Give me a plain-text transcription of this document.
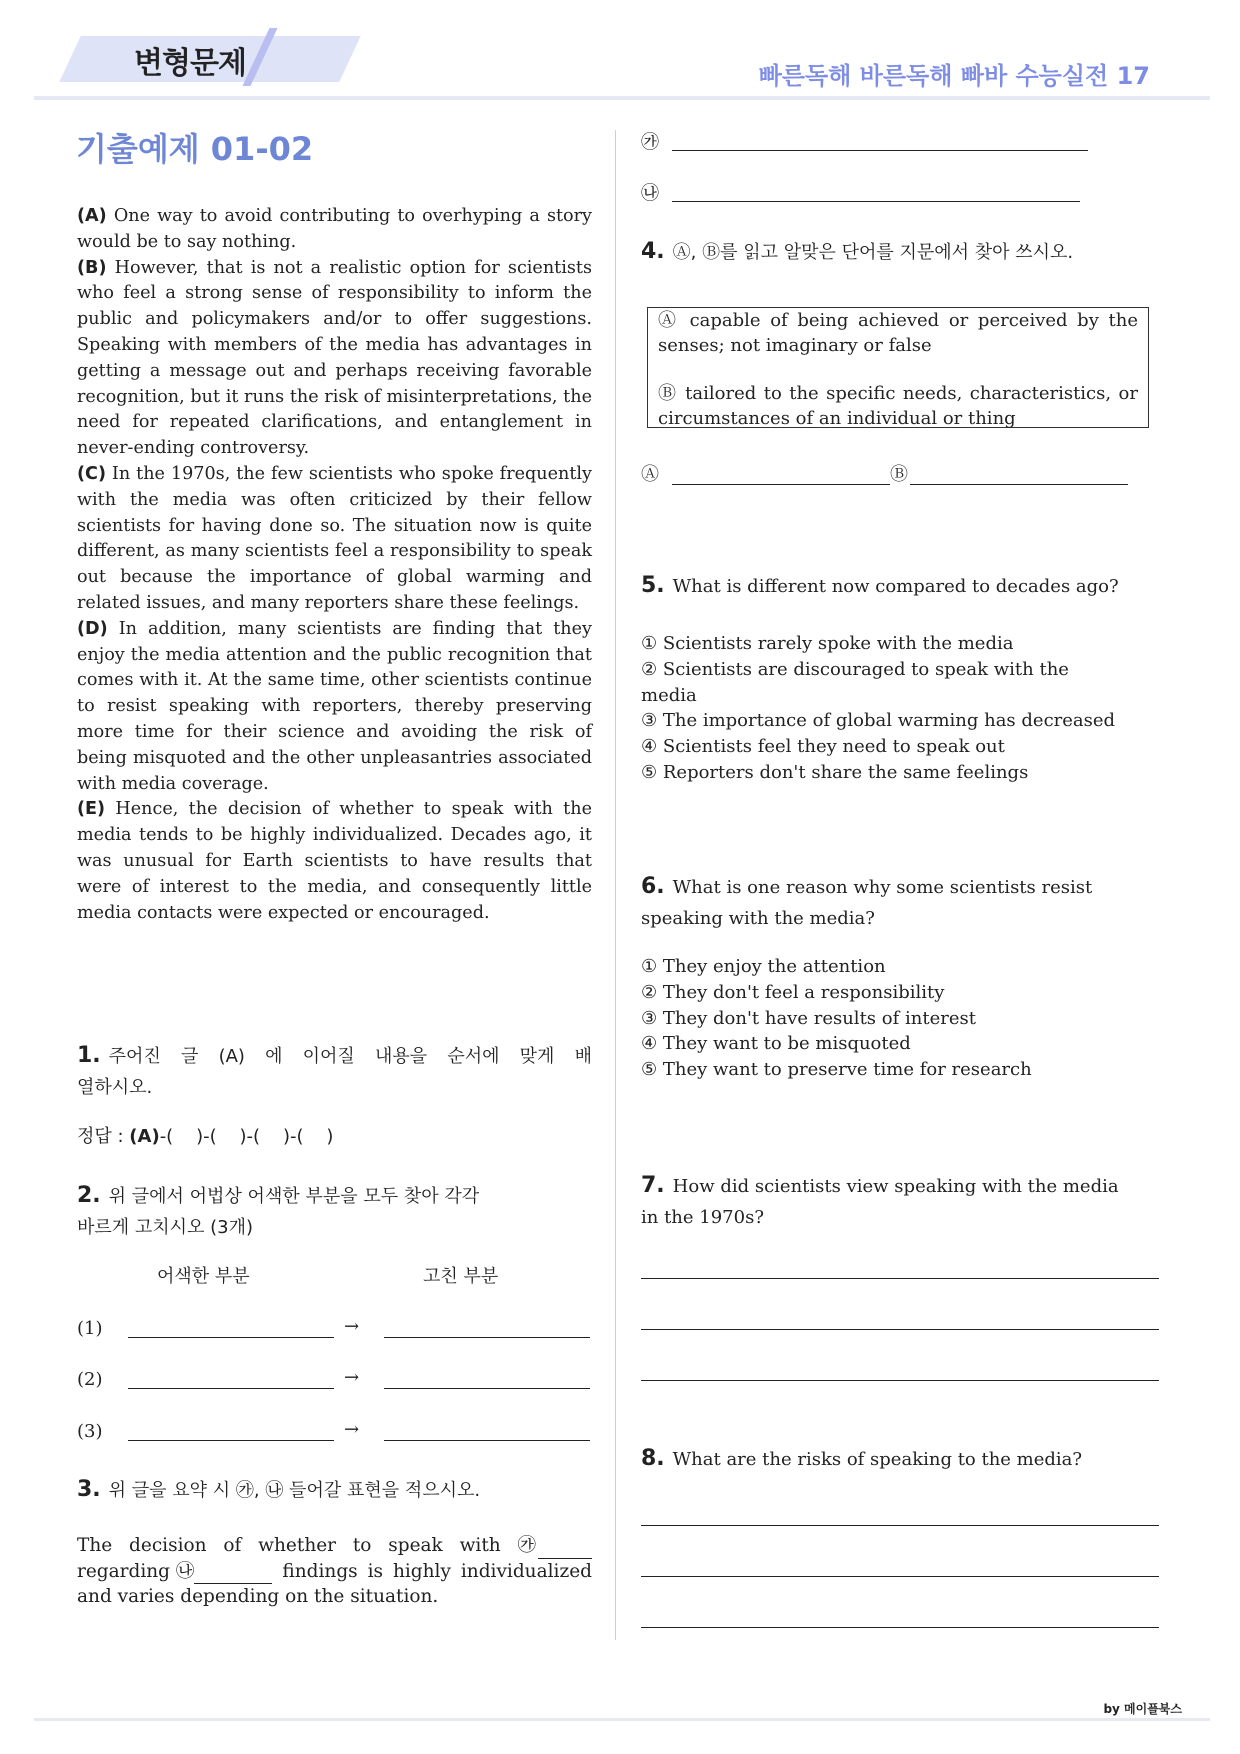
변형문제	빠른독해 바른독해 빠바 수능실전 17
기출예제 01-02

(A) One way to avoid contributing to overhyping a story would be to say nothing.

(B) However, that is not a realistic option for scientists who feel a strong sense of responsibility to inform the public and policymakers and/or to offer suggestions. Speaking with members of the media has advantages in getting a message out and perhaps receiving favorable recognition, but it runs the risk of misinterpretations, the need for repeated clarifications, and entanglement in never-ending controversy.

(C) In the 1970s, the few scientists who spoke frequently with the media was often criticized by their fellow scientists for having done so. The situation now is quite different, as many scientists feel a responsibility to speak out because the importance of global warming and related issues, and many reporters share these feelings.

(D) In addition, many scientists are finding that they enjoy the media attention and the public recognition that comes with it. At the same time, other scientists continue to resist speaking with reporters, thereby preserving more time for their science and avoiding the risk of being misquoted and the other unpleasantries associated with media coverage.

(E) Hence, the decision of whether to speak with the media tends to be highly individualized. Decades ago, it was unusual for Earth scientists to have results that were of interest to the media, and consequently little media contacts were expected or encouraged.

1. 주어진 글 (A) 에 이어질 내용을 순서에 맞게 배
열하시오.
정답 : (A)-(    )-(    )-(    )-(    )
2. 위 글에서 어법상 어색한 부분을 모두 찾아 각각
바르게 고치시오 (3개)
어색한 부분	고친 부분
(1)	→
(2)	→
(3)	→
3. 위 글을 요약 시 ㉮, ㉯ 들어갈 표현을 적으시오.
The decision of whether to speak with ㉮
regarding ㉯	findings is highly individualized
and varies depending on the situation.
㉮
㉯
4. Ⓐ, Ⓑ를 읽고 알맞은 단어를 지문에서 찾아 쓰시오.

Ⓐ capable of being achieved or perceived by the senses; not imaginary or false

Ⓑ tailored to the specific needs, characteristics, or circumstances of an individual or thing

Ⓐ	Ⓑ
5. What is different now compared to decades ago?
① Scientists rarely spoke with the media
② Scientists are discouraged to speak with the
media
③ The importance of global warming has decreased
④ Scientists feel they need to speak out
⑤ Reporters don't share the same feelings
6. What is one reason why some scientists resist
speaking with the media?
① They enjoy the attention
② They don't feel a responsibility
③ They don't have results of interest
④ They want to be misquoted
⑤ They want to preserve time for research
7. How did scientists view speaking with the media
in the 1970s?
8. What are the risks of speaking to the media?
by 메이플북스
